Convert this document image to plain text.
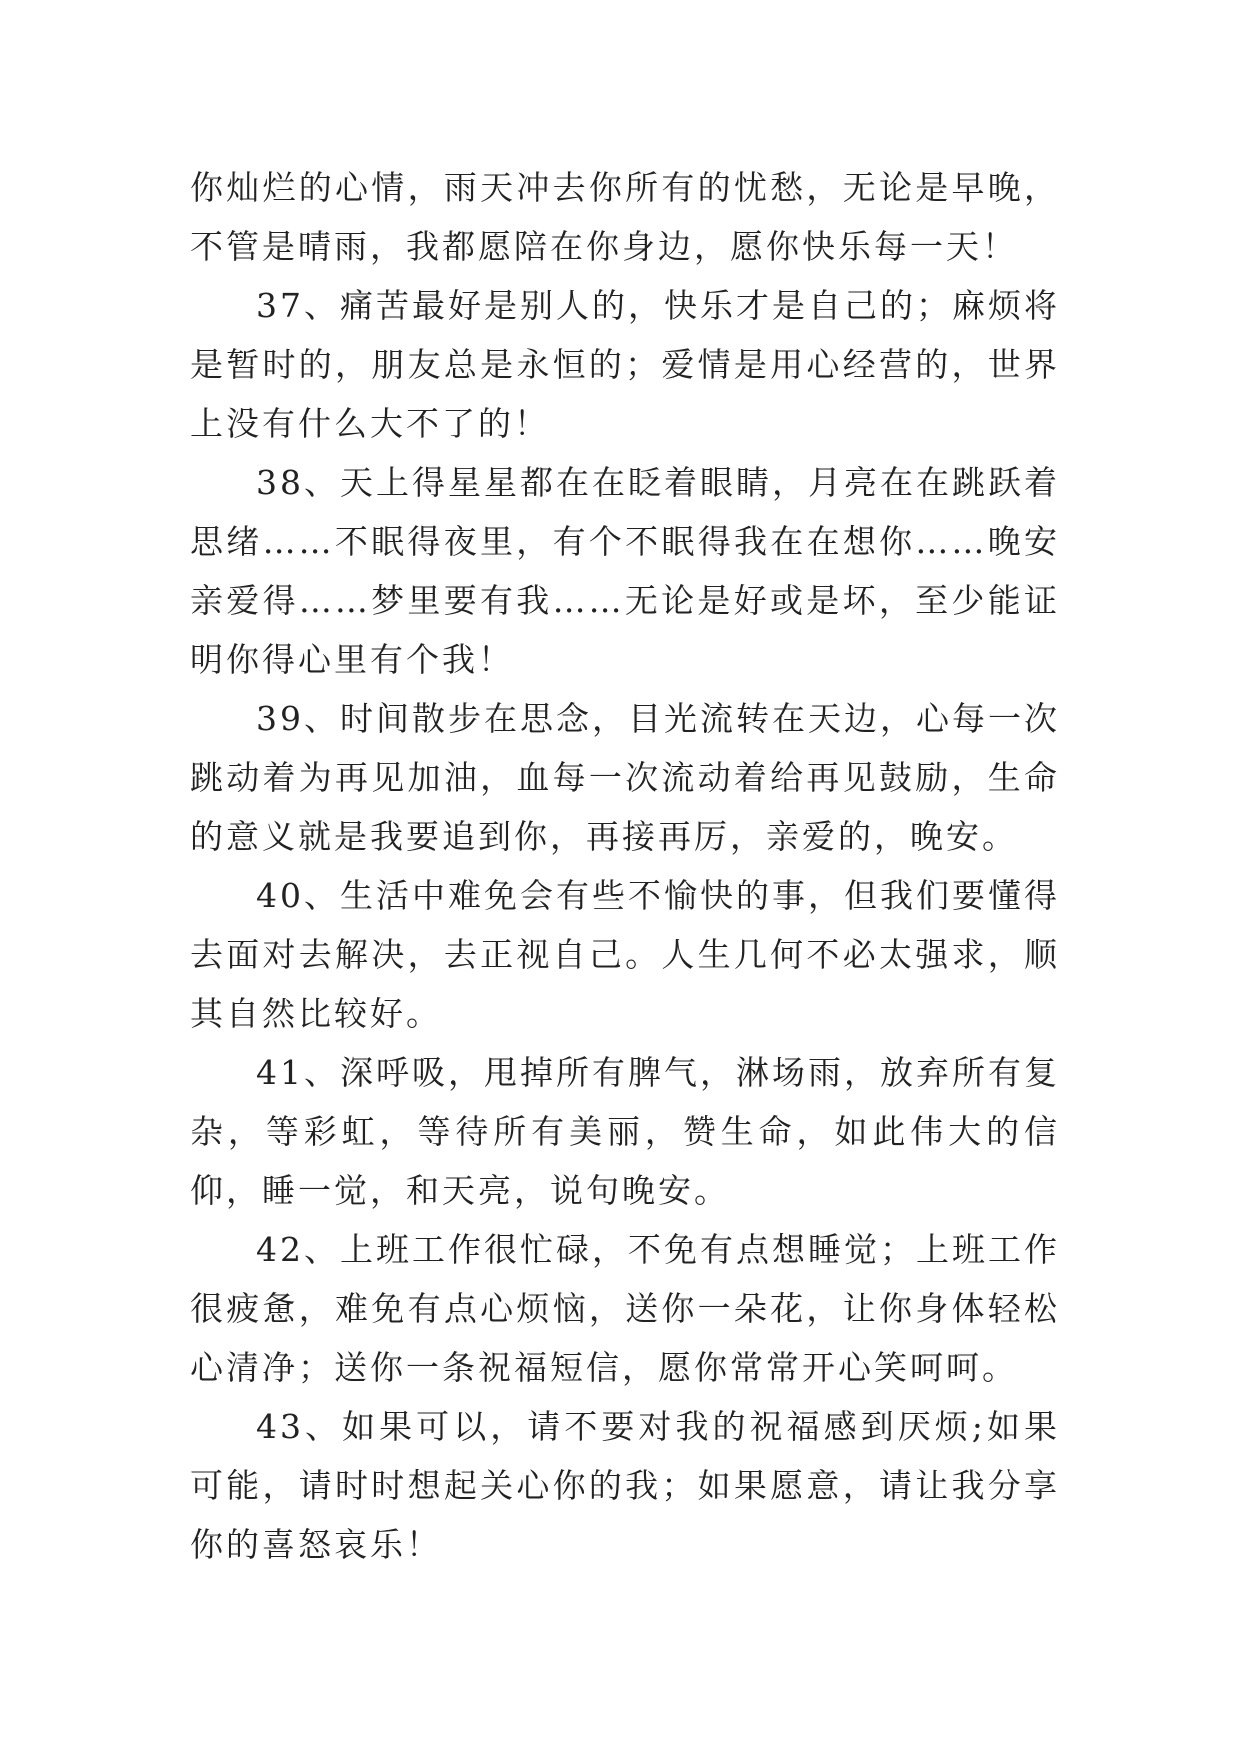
你灿烂的心情，雨天冲去你所有的忧愁，无论是早晚，不管是晴雨，我都愿陪在你身边，愿你快乐每一天！

37、痛苦最好是别人的，快乐才是自己的；麻烦将是暂时的，朋友总是永恒的；爱情是用心经营的，世界上没有什么大不了的！

38、天上得星星都在在眨着眼睛，月亮在在跳跃着思绪……不眠得夜里，有个不眠得我在在想你……晚安亲爱得……梦里要有我……无论是好或是坏，至少能证明你得心里有个我！

39、时间散步在思念，目光流转在天边，心每一次跳动着为再见加油，血每一次流动着给再见鼓励，生命的意义就是我要追到你，再接再厉，亲爱的，晚安。

40、生活中难免会有些不愉快的事，但我们要懂得去面对去解决，去正视自己。人生几何不必太强求，顺其自然比较好。

41、深呼吸，甩掉所有脾气，淋场雨，放弃所有复杂，等彩虹，等待所有美丽，赞生命，如此伟大的信仰，睡一觉，和天亮，说句晚安。

42、上班工作很忙碌，不免有点想睡觉；上班工作很疲惫，难免有点心烦恼，送你一朵花，让你身体轻松心清净；送你一条祝福短信，愿你常常开心笑呵呵。

43、如果可以，请不要对我的祝福感到厌烦;如果可能，请时时想起关心你的我；如果愿意，请让我分享你的喜怒哀乐！
